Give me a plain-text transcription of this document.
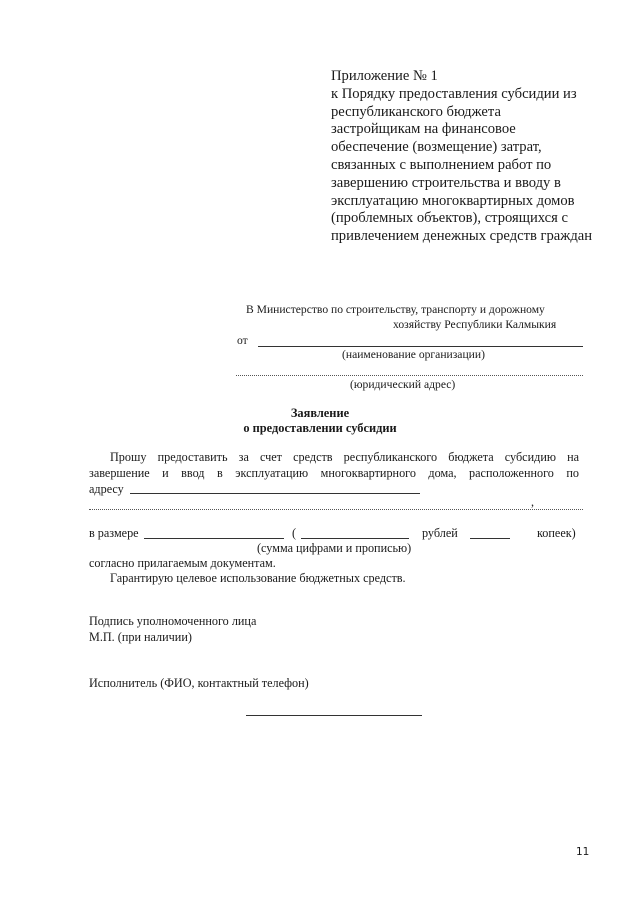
Приложение № 1
к Порядку предоставления субсидии из
республиканского бюджета
застройщикам на финансовое
обеспечение (возмещение) затрат,
связанных с выполнением работ по
завершению строительства и вводу в
эксплуатацию многоквартирных домов
(проблемных объектов), строящихся с
привлечением денежных средств граждан
В Министерство по строительству, транспорту и дорожному
хозяйству Республики Калмыкия
от
(наименование организации)
(юридический адрес)
Заявление
о предоставлении субсидии
Прошу предоставить за счет средств республиканского бюджета субсидию на
завершение и ввод в эксплуатацию многоквартирного дома, расположенного по
адресу
,
в размере	(	рублей	копеек)
(сумма цифрами и прописью)
согласно прилагаемым документам.
Гарантирую целевое использование бюджетных средств.
Подпись уполномоченного лица
М.П. (при наличии)
Исполнитель (ФИО, контактный телефон)
11
